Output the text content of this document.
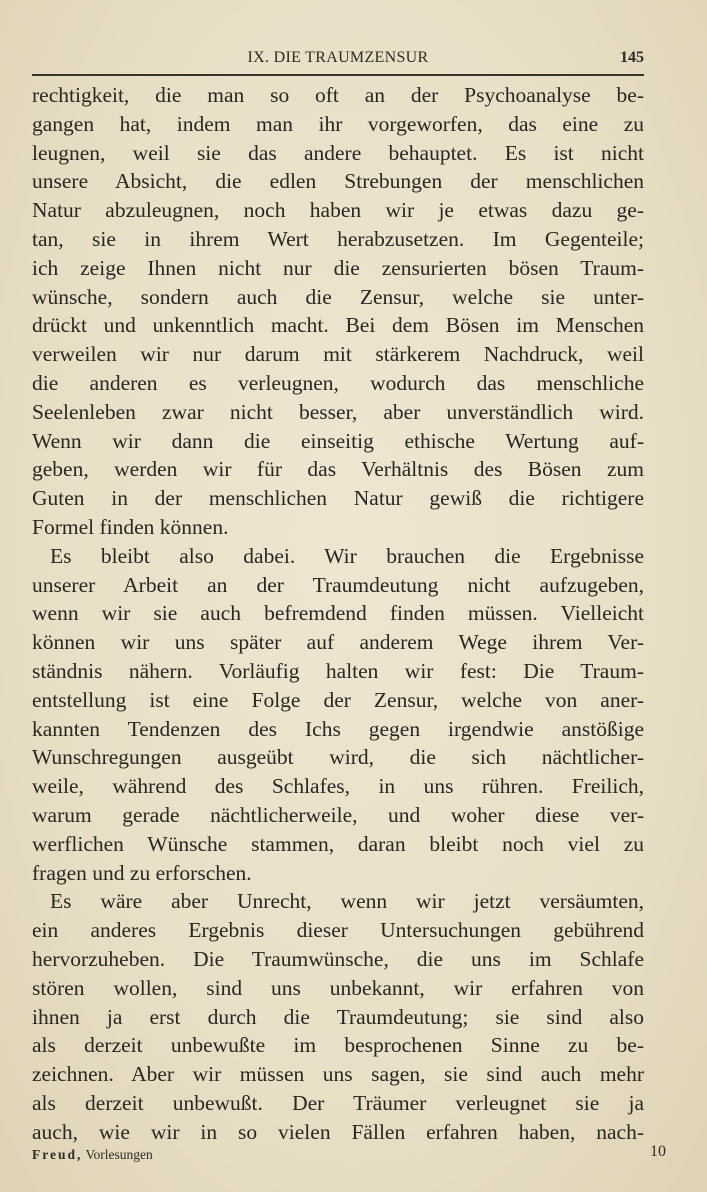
IX. DIE TRAUMZENSUR	145
rechtigkeit, die man so oft an der Psychoanalyse be-
gangen hat, indem man ihr vorgeworfen, das eine zu
leugnen, weil sie das andere behauptet. Es ist nicht
unsere Absicht, die edlen Strebungen der menschlichen
Natur abzuleugnen, noch haben wir je etwas dazu ge-
tan, sie in ihrem Wert herabzusetzen. Im Gegenteile;
ich zeige Ihnen nicht nur die zensurierten bösen Traum-
wünsche, sondern auch die Zensur, welche sie unter-
drückt und unkenntlich macht. Bei dem Bösen im Menschen
verweilen wir nur darum mit stärkerem Nachdruck, weil
die anderen es verleugnen, wodurch das menschliche
Seelenleben zwar nicht besser, aber unverständlich wird.
Wenn wir dann die einseitig ethische Wertung auf-
geben, werden wir für das Verhältnis des Bösen zum
Guten in der menschlichen Natur gewiß die richtigere
Formel finden können.
Es bleibt also dabei. Wir brauchen die Ergebnisse
unserer Arbeit an der Traumdeutung nicht aufzugeben,
wenn wir sie auch befremdend finden müssen. Vielleicht
können wir uns später auf anderem Wege ihrem Ver-
ständnis nähern. Vorläufig halten wir fest: Die Traum-
entstellung ist eine Folge der Zensur, welche von aner-
kannten Tendenzen des Ichs gegen irgendwie anstößige
Wunschregungen ausgeübt wird, die sich nächtlicher-
weile, während des Schlafes, in uns rühren. Freilich,
warum gerade nächtlicherweile, und woher diese ver-
werflichen Wünsche stammen, daran bleibt noch viel zu
fragen und zu erforschen.
Es wäre aber Unrecht, wenn wir jetzt versäumten,
ein anderes Ergebnis dieser Untersuchungen gebührend
hervorzuheben. Die Traumwünsche, die uns im Schlafe
stören wollen, sind uns unbekannt, wir erfahren von
ihnen ja erst durch die Traumdeutung; sie sind also
als derzeit unbewußte im besprochenen Sinne zu be-
zeichnen. Aber wir müssen uns sagen, sie sind auch mehr
als derzeit unbewußt. Der Träumer verleugnet sie ja
auch, wie wir in so vielen Fällen erfahren haben, nach-
Freud, Vorlesungen	10
